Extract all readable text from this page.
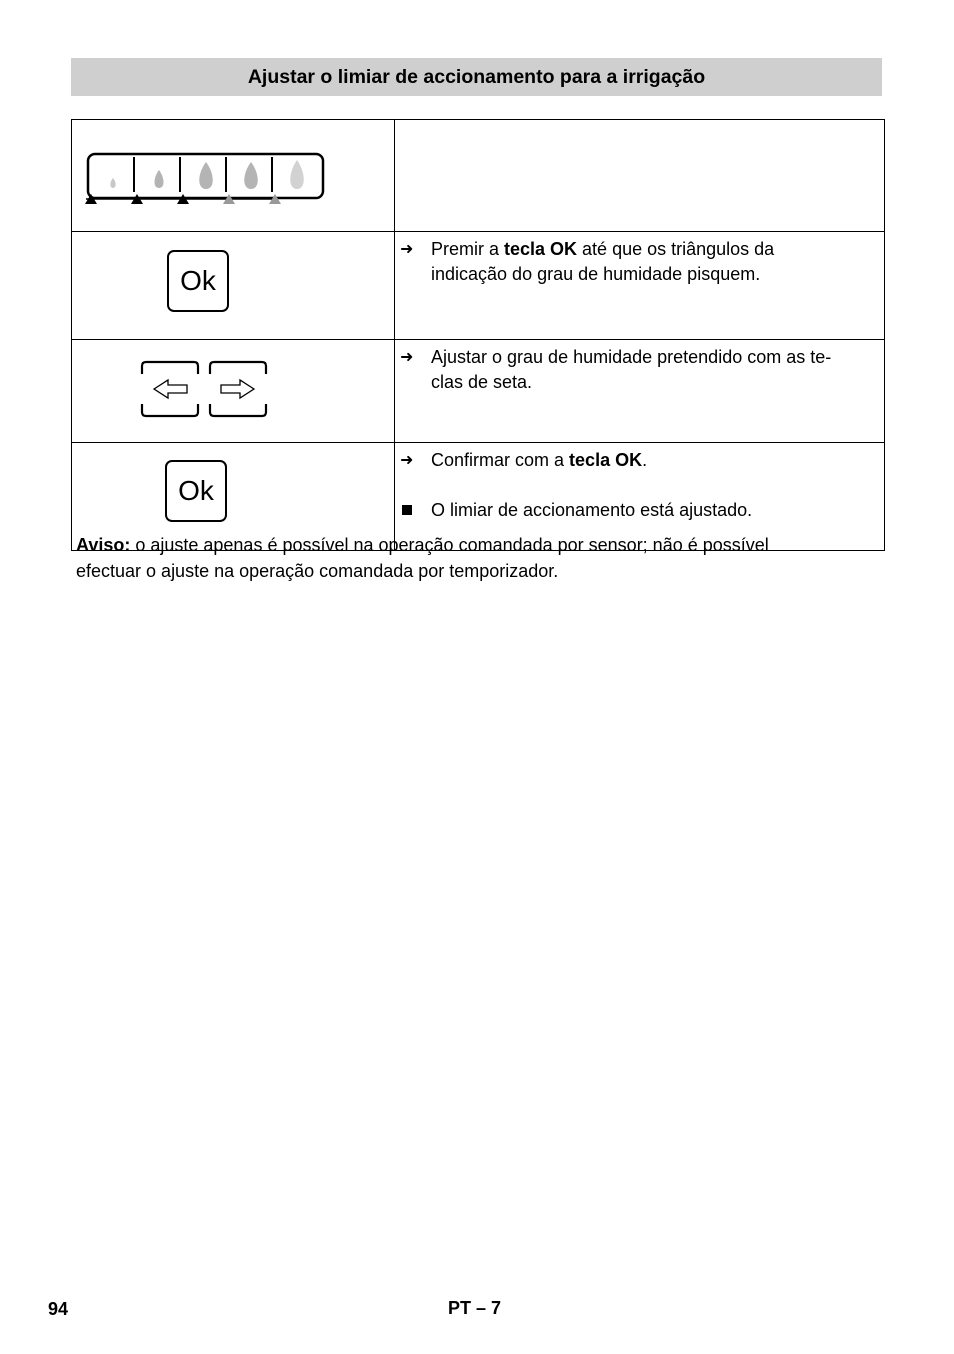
Ajustar o limiar de accionamento para a irrigação

Ok	➜ Premir a tecla OK até que os triângulos da
indicação do grau de humidade pisquem.

➜ Ajustar o grau de humidade pretendido com as te-
clas de seta.

Ok	➜ Confirmar com a tecla OK.

O limiar de accionamento está ajustado.

Aviso: o ajuste apenas é possível na operação comandada por sensor; não é possível
efectuar o ajuste na operação comandada por temporizador.
94	PT – 7
